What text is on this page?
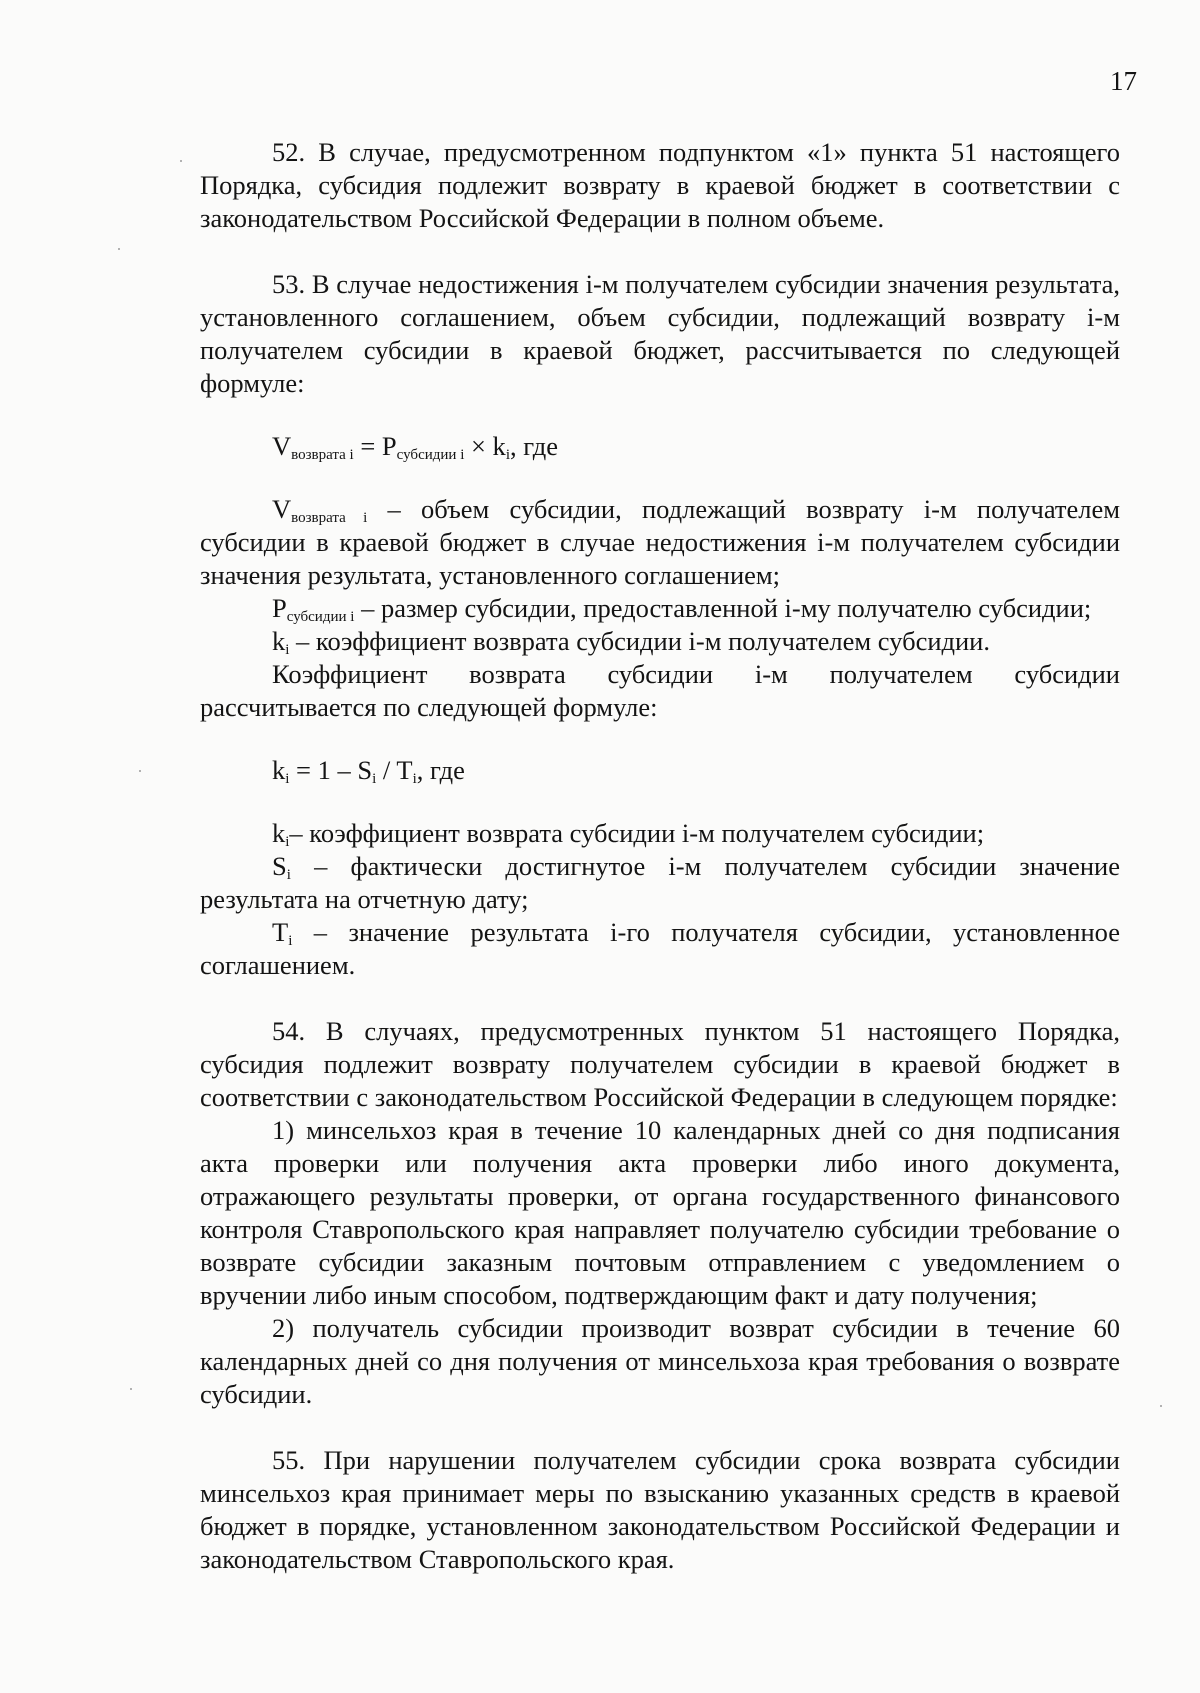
17

52. В случае, предусмотренном подпунктом «1» пункта 51 настоящего Порядка, субсидия подлежит возврату в краевой бюджет в соответствии с законодательством Российской Федерации в полном объеме.

53. В случае недостижения i-м получателем субсидии значения результата, установленного соглашением, объем субсидии, подлежащий возврату i-м получателем субсидии в краевой бюджет, рассчитывается по следующей формуле:

$V_{возврата i} = P_{субсидии i} \times k_i$, где

$V_{возврата i}$ – объем субсидии, подлежащий возврату i-м получателем субсидии в краевой бюджет в случае недостижения i-м получателем субсидии значения результата, установленного соглашением;

$P_{субсидии i}$ – размер субсидии, предоставленной i-му получателю субсидии;

$k_i$ – коэффициент возврата субсидии i-м получателем субсидии.

Коэффициент возврата субсидии i-м получателем субсидии рассчитывается по следующей формуле:

$k_i = 1 - S_i / T_i$, где

$k_i-$ коэффициент возврата субсидии i-м получателем субсидии;

$S_i$ – фактически достигнутое i-м получателем субсидии значение результата на отчетную дату;

$T_i$ – значение результата i-го получателя субсидии, установленное соглашением.

54. В случаях, предусмотренных пунктом 51 настоящего Порядка, субсидия подлежит возврату получателем субсидии в краевой бюджет в соответствии с законодательством Российской Федерации в следующем порядке:

1) минсельхоз края в течение 10 календарных дней со дня подписания акта проверки или получения акта проверки либо иного документа, отражающего результаты проверки, от органа государственного финансового контроля Ставропольского края направляет получателю субсидии требование о возврате субсидии заказным почтовым отправлением с уведомлением о вручении либо иным способом, подтверждающим факт и дату получения;

2) получатель субсидии производит возврат субсидии в течение 60 календарных дней со дня получения от минсельхоза края требования о возврате субсидии.

55. При нарушении получателем субсидии срока возврата субсидии минсельхоз края принимает меры по взысканию указанных средств в краевой бюджет в порядке, установленном законодательством Российской Федерации и законодательством Ставропольского края.
